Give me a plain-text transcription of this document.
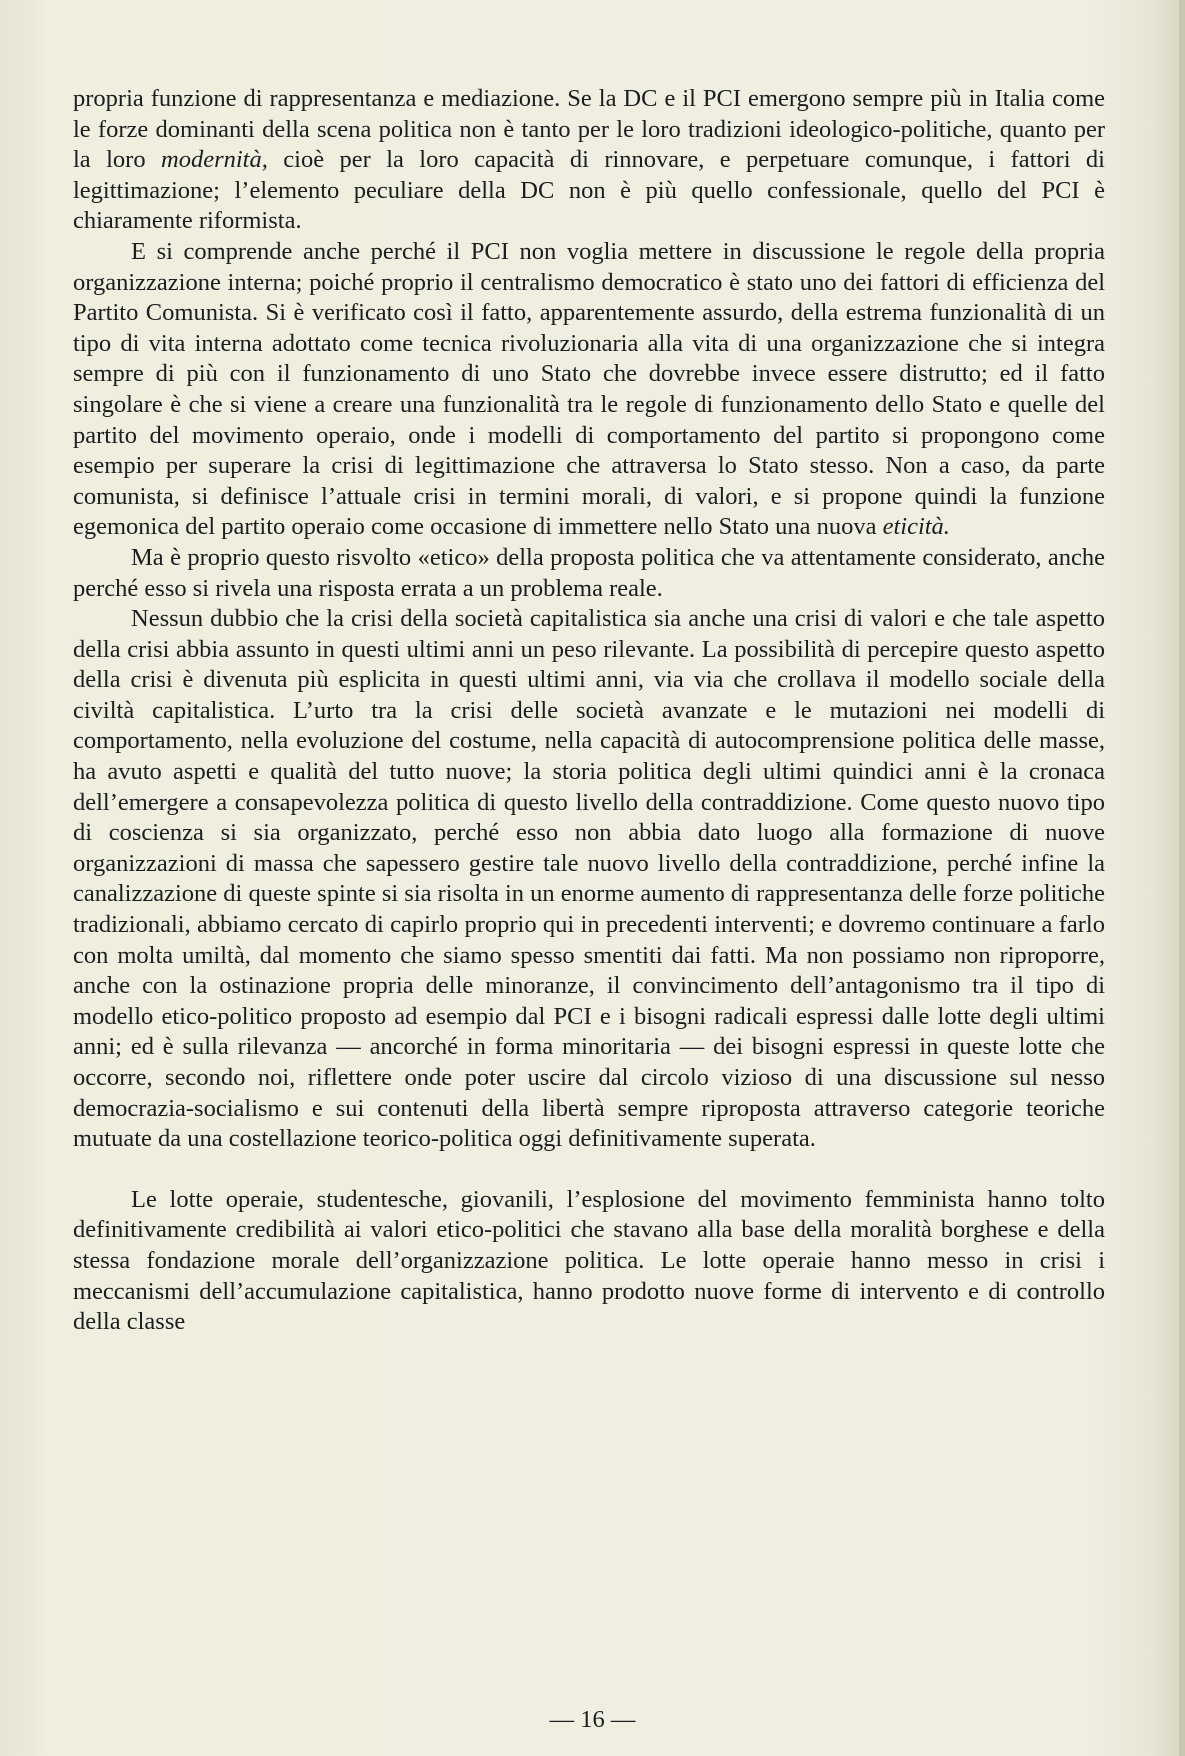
propria funzione di rappresentanza e mediazione. Se la DC e il PCI emergono sempre più in Italia come le forze dominanti della scena politica non è tanto per le loro tradizioni ideologico-politiche, quanto per la loro modernità, cioè per la loro capacità di rinnovare, e perpetuare comunque, i fattori di legittimazione; l’elemento peculiare della DC non è più quello confessionale, quello del PCI è chiaramente riformista.

E si comprende anche perché il PCI non voglia mettere in discussione le regole della propria organizzazione interna; poiché proprio il centralismo democratico è stato uno dei fattori di efficienza del Partito Comunista. Si è verificato così il fatto, apparentemente assurdo, della estrema funzionalità di un tipo di vita interna adottato come tecnica rivoluzionaria alla vita di una organizzazione che si integra sempre di più con il funzionamento di uno Stato che dovrebbe invece essere distrutto; ed il fatto singolare è che si viene a creare una funzionalità tra le regole di funzionamento dello Stato e quelle del partito del movimento operaio, onde i modelli di comportamento del partito si propongono come esempio per superare la crisi di legittimazione che attraversa lo Stato stesso. Non a caso, da parte comunista, si definisce l’attuale crisi in termini morali, di valori, e si propone quindi la funzione egemonica del partito operaio come occasione di immettere nello Stato una nuova eticità.

Ma è proprio questo risvolto «etico» della proposta politica che va attentamente considerato, anche perché esso si rivela una risposta errata a un problema reale.

Nessun dubbio che la crisi della società capitalistica sia anche una crisi di valori e che tale aspetto della crisi abbia assunto in questi ultimi anni un peso rilevante. La possibilità di percepire questo aspetto della crisi è divenuta più esplicita in questi ultimi anni, via via che crollava il modello sociale della civiltà capitalistica. L’urto tra la crisi delle società avanzate e le mutazioni nei modelli di comportamento, nella evoluzione del costume, nella capacità di autocomprensione politica delle masse, ha avuto aspetti e qualità del tutto nuove; la storia politica degli ultimi quindici anni è la cronaca dell’emergere a consapevolezza politica di questo livello della contraddizione. Come questo nuovo tipo di coscienza si sia organizzato, perché esso non abbia dato luogo alla formazione di nuove organizzazioni di massa che sapessero gestire tale nuovo livello della contraddizione, perché infine la canalizzazione di queste spinte si sia risolta in un enorme aumento di rappresentanza delle forze politiche tradizionali, abbiamo cercato di capirlo proprio qui in precedenti interventi; e dovremo continuare a farlo con molta umiltà, dal momento che siamo spesso smentiti dai fatti. Ma non possiamo non riproporre, anche con la ostinazione propria delle minoranze, il convincimento dell’antagonismo tra il tipo di modello etico-politico proposto ad esempio dal PCI e i bisogni radicali espressi dalle lotte degli ultimi anni; ed è sulla rilevanza — ancorché in forma minoritaria — dei bisogni espressi in queste lotte che occorre, secondo noi, riflettere onde poter uscire dal circolo vizioso di una discussione sul nesso democrazia-socialismo e sui contenuti della libertà sempre riproposta attraverso categorie teoriche mutuate da una costellazione teorico-politica oggi definitivamente superata.

Le lotte operaie, studentesche, giovanili, l’esplosione del movimento femminista hanno tolto definitivamente credibilità ai valori etico-politici che stavano alla base della moralità borghese e della stessa fondazione morale dell’organizzazione politica. Le lotte operaie hanno messo in crisi i meccanismi dell’accumulazione capitalistica, hanno prodotto nuove forme di intervento e di controllo della classe

— 16 —
